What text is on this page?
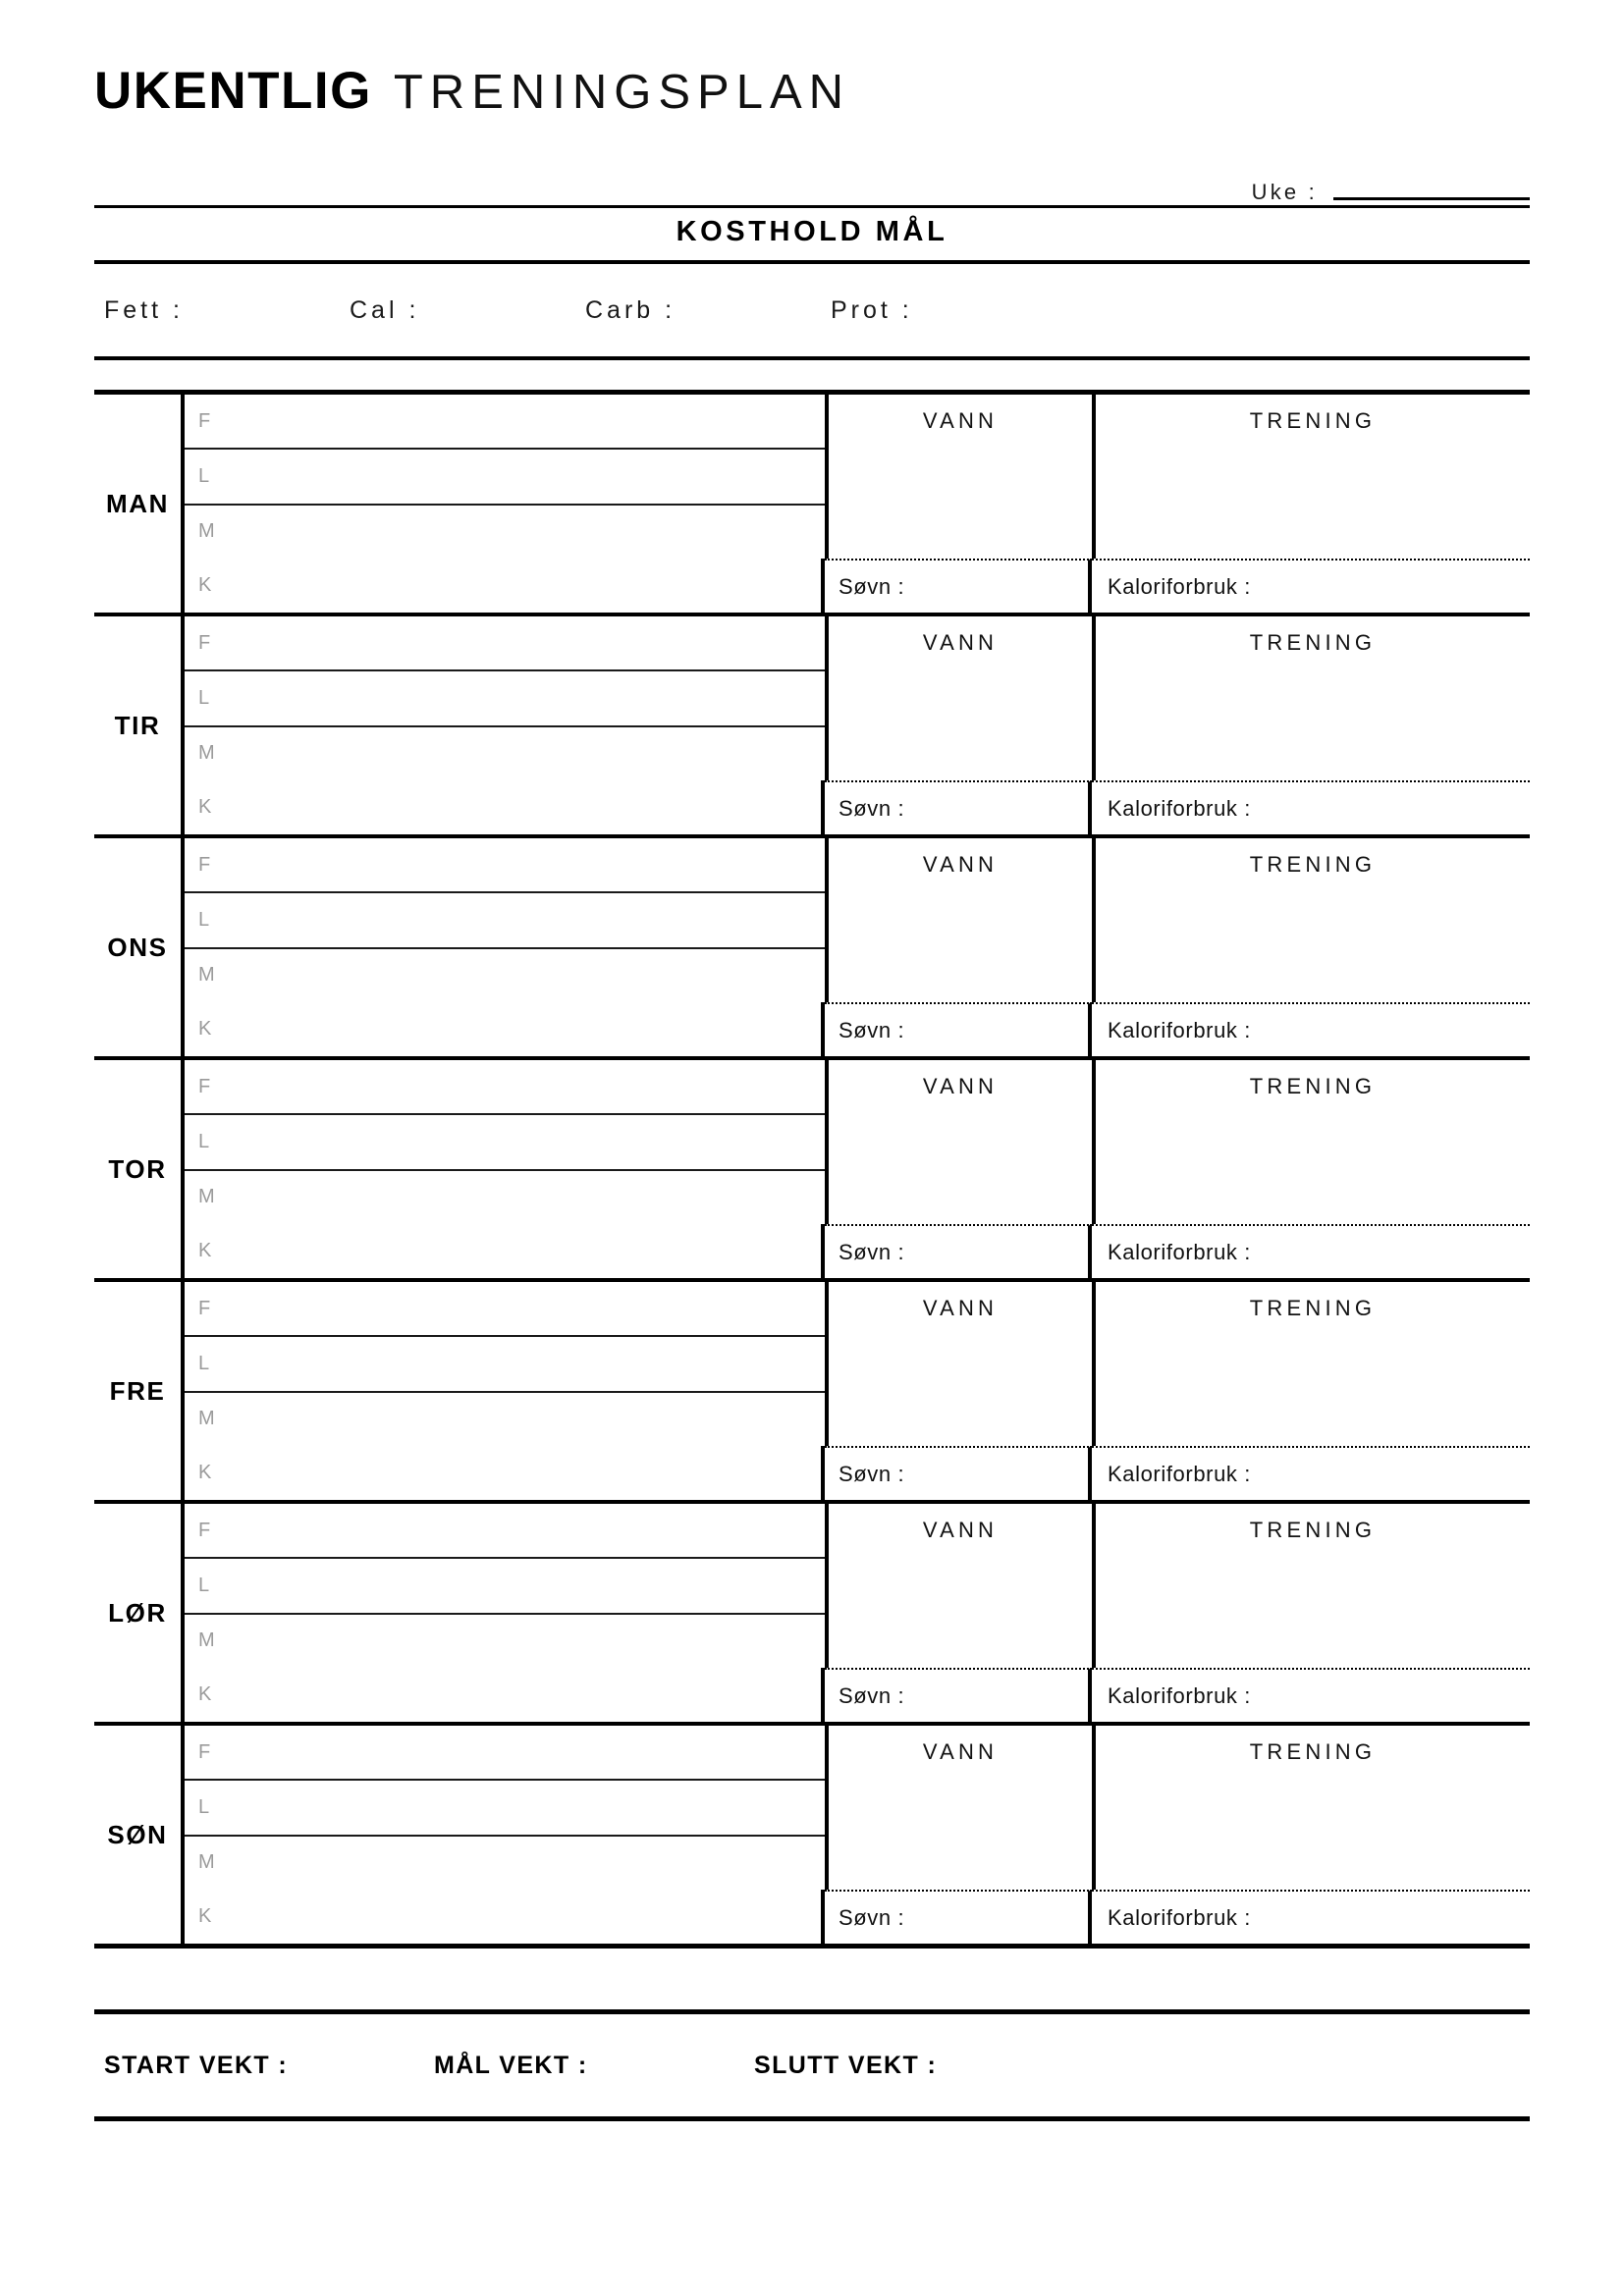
UKENTLIG TRENINGSPLAN
Uke :
KOSTHOLD MÅL
Fett :	Cal :	Carb :	Prot :
MAN
F
L
M
VANN	TRENING
K	Søvn :	Kaloriforbruk :
TIR
F
L
M
VANN	TRENING
K	Søvn :	Kaloriforbruk :
ONS
F
L
M
VANN	TRENING
K	Søvn :	Kaloriforbruk :
TOR
F
L
M
VANN	TRENING
K	Søvn :	Kaloriforbruk :
FRE
F
L
M
VANN	TRENING
K	Søvn :	Kaloriforbruk :
LØR
F
L
M
VANN	TRENING
K	Søvn :	Kaloriforbruk :
SØN
F
L
M
VANN	TRENING
K	Søvn :	Kaloriforbruk :
START VEKT :	MÅL VEKT :	SLUTT VEKT :
